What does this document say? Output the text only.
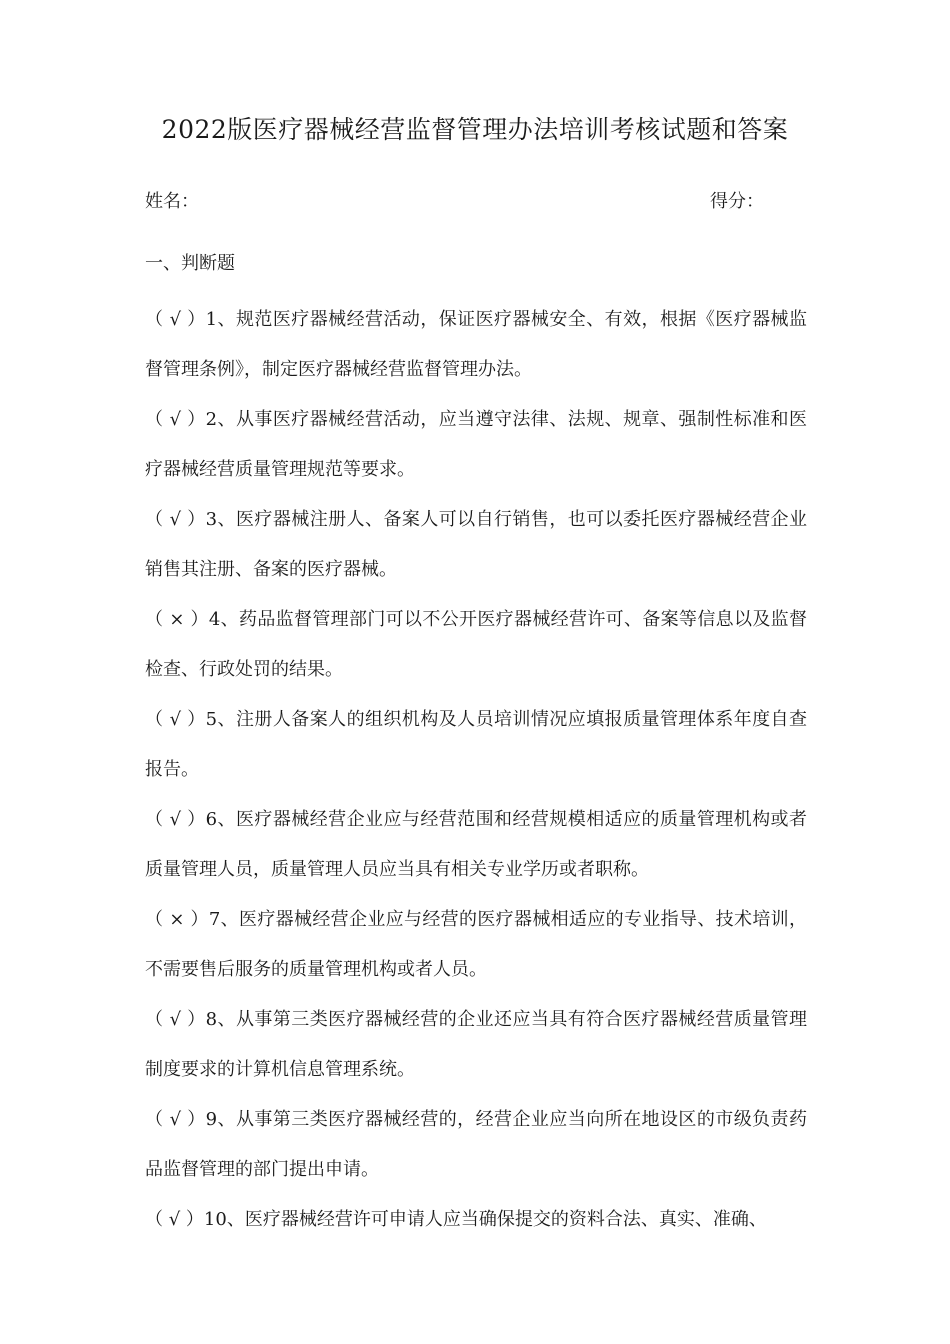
2022版医疗器械经营监督管理办法培训考核试题和答案
姓名：	得分：
一、判断题

（ √ ）1、规范医疗器械经营活动，保证医疗器械安全、有效，根据《医疗器械监督管理条例》，制定医疗器械经营监督管理办法。

（ √ ）2、从事医疗器械经营活动，应当遵守法律、法规、规章、强制性标准和医疗器械经营质量管理规范等要求。

（ √ ）3、医疗器械注册人、备案人可以自行销售，也可以委托医疗器械经营企业销售其注册、备案的医疗器械。

（ × ）4、药品监督管理部门可以不公开医疗器械经营许可、备案等信息以及监督检查、行政处罚的结果。

（ √ ）5、注册人备案人的组织机构及人员培训情况应填报质量管理体系年度自查报告。

（ √ ）6、医疗器械经营企业应与经营范围和经营规模相适应的质量管理机构或者质量管理人员，质量管理人员应当具有相关专业学历或者职称。

（ × ）7、医疗器械经营企业应与经营的医疗器械相适应的专业指导、技术培训，不需要售后服务的质量管理机构或者人员。

（ √ ）8、从事第三类医疗器械经营的企业还应当具有符合医疗器械经营质量管理制度要求的计算机信息管理系统。

（ √ ）9、从事第三类医疗器械经营的，经营企业应当向所在地设区的市级负责药品监督管理的部门提出申请。

（ √ ）10、医疗器械经营许可申请人应当确保提交的资料合法、真实、准确、
